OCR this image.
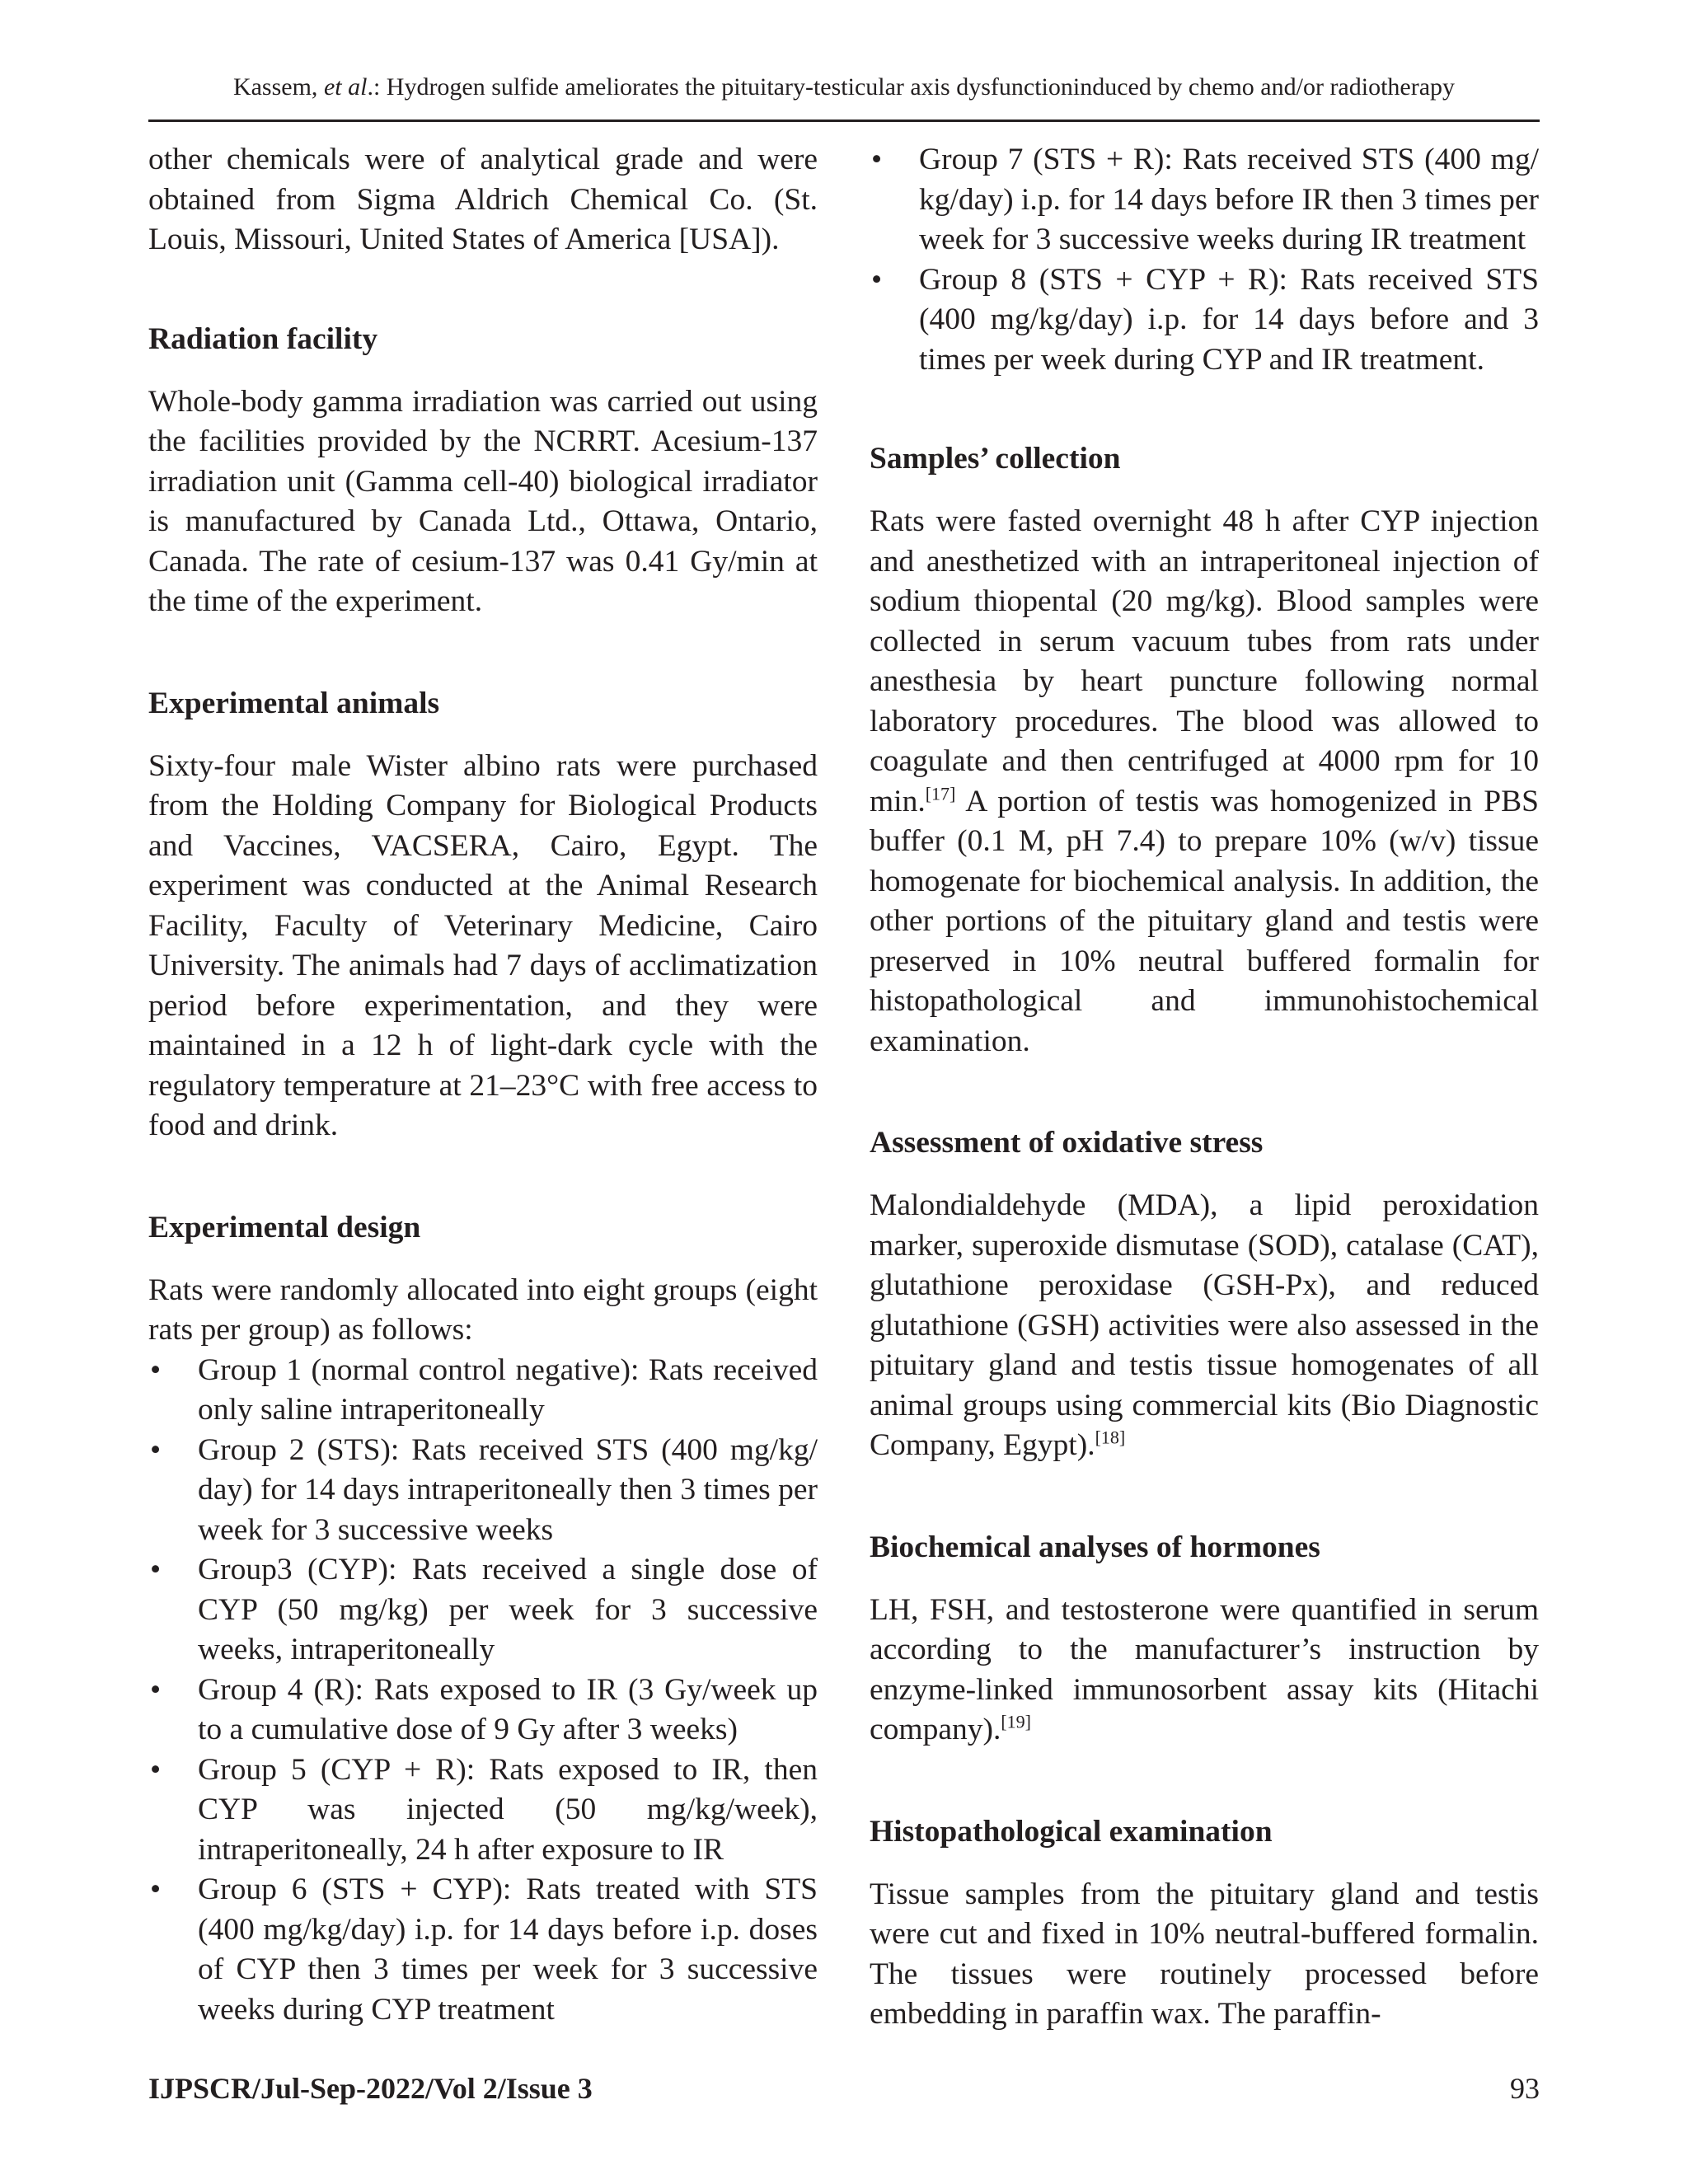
Kassem, et al.: Hydrogen sulfide ameliorates the pituitary-testicular axis dysfunctioninduced by chemo and/or radiotherapy

other chemicals were of analytical grade and were obtained from Sigma Aldrich Chemical Co. (St. Louis, Missouri, United States of America [USA]).

Radiation facility

Whole-body gamma irradiation was carried out using the facilities provided by the NCRRT. Acesium-137 irradiation unit (Gamma cell-40) biological irradiator is manufactured by Canada Ltd., Ottawa, Ontario, Canada. The rate of cesium-137 was 0.41 Gy/min at the time of the experiment.

Experimental animals

Sixty-four male Wister albino rats were purchased from the Holding Company for Biological Products and Vaccines, VACSERA, Cairo, Egypt. The experiment was conducted at the Animal Research Facility, Faculty of Veterinary Medicine, Cairo University. The animals had 7 days of acclimatization period before experimentation, and they were maintained in a 12 h of light-dark cycle with the regulatory temperature at 21–23°C with free access to food and drink.

Experimental design

Rats were randomly allocated into eight groups (eight rats per group) as follows:

• Group 1 (normal control negative): Rats received only saline intraperitoneally
• Group 2 (STS): Rats received STS (400 mg/kg/ day) for 14 days intraperitoneally then 3 times per week for 3 successive weeks
• Group3 (CYP): Rats received a single dose of CYP (50 mg/kg) per week for 3 successive weeks, intraperitoneally
• Group 4 (R): Rats exposed to IR (3 Gy/week up to a cumulative dose of 9 Gy after 3 weeks)
• Group 5 (CYP + R): Rats exposed to IR, then CYP was injected (50 mg/kg/week), intraperitoneally, 24 h after exposure to IR
• Group 6 (STS + CYP): Rats treated with STS (400 mg/kg/day) i.p. for 14 days before i.p. doses of CYP then 3 times per week for 3 successive weeks during CYP treatment
• Group 7 (STS + R): Rats received STS (400 mg/ kg/day) i.p. for 14 days before IR then 3 times per week for 3 successive weeks during IR treatment
• Group 8 (STS + CYP + R): Rats received STS (400 mg/kg/day) i.p. for 14 days before and 3 times per week during CYP and IR treatment.
Samples’ collection

Rats were fasted overnight 48 h after CYP injection and anesthetized with an intraperitoneal injection of sodium thiopental (20 mg/kg). Blood samples were collected in serum vacuum tubes from rats under anesthesia by heart puncture following normal laboratory procedures. The blood was allowed to coagulate and then centrifuged at 4000 rpm for 10 min.[17] A portion of testis was homogenized in PBS buffer (0.1 M, pH 7.4) to prepare 10% (w/v) tissue homogenate for biochemical analysis. In addition, the other portions of the pituitary gland and testis were preserved in 10% neutral buffered formalin for histopathological and immunohistochemical examination.

Assessment of oxidative stress

Malondialdehyde (MDA), a lipid peroxidation marker, superoxide dismutase (SOD), catalase (CAT), glutathione peroxidase (GSH-Px), and reduced glutathione (GSH) activities were also assessed in the pituitary gland and testis tissue homogenates of all animal groups using commercial kits (Bio Diagnostic Company, Egypt).[18]

Biochemical analyses of hormones

LH, FSH, and testosterone were quantified in serum according to the manufacturer’s instruction by enzyme-linked immunosorbent assay kits (Hitachi company).[19]

Histopathological examination

Tissue samples from the pituitary gland and testis were cut and fixed in 10% neutral-buffered formalin. The tissues were routinely processed before embedding in paraffin wax. The paraffin-

IJPSCR/Jul-Sep-2022/Vol 2/Issue 3	93
